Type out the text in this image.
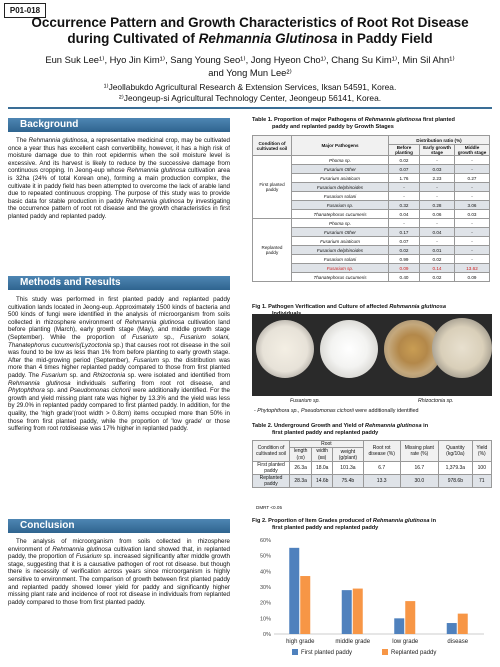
P01-018
Occurrence Pattern and Growth Characteristics of Root Rot Disease
during Cultivated of Rehmannia Glutinosa in Paddy Field
Eun Suk Lee¹⁾, Hyo Jin Kim¹⁾, Sang Young Seo¹⁾, Jong Hyeon Cho¹⁾, Chang Su Kim¹⁾, Min Sil Ahn¹⁾
and Yong Mun Lee²⁾
¹⁾Jeollabukdo Agricultural Research & Extension Services, Iksan 54591, Korea.
²⁾Jeongeup-si Agricultural Technology Center, Jeongeup 56141, Korea.
Background

The Rehmannia glutinosa, a representative medicinal crop, may be cultivated once a year thus has excellent cash convertibility, however, it has a high risk of moisture damage due to thin root epidermis when the soil moisture level is excessive. And its harvest is likely to reduce by the successive damage from continuous cropping. In Jeong-eup whose Rehmannia glutinosa cultivation area is 32ha (24% of total Korean one), forming a main production complex, the cultivate it in paddy field has been attempted to overcome the lack of arable land due to repeated continuous cropping. The purpose of this study was to provide basic data for stable production in paddy Rehmannia glutinosa by investigating the occurrence pattern of root rot disease and the growth characteristics in first planted paddy and replanted paddy.

Methods and Results

This study was performed in first planted paddy and replanted paddy cultivation lands located in Jeong-eup. Approximately 1500 kinds of bacteria and 500 kinds of fungi were identified in the analysis of microorganism from soils collected in rhizosphere environment of Rehmannia glutinosa cultivation land before planting (March), early growth stage (May), and middle growth stage (September). While the proportion of Fusarium sp., Fusarium solani, Thanatephorus cucumeris(Lyzoctonia sp.) that causes root rot disease in the soil was found to be low as less than 1% from before planting to early growth stage. After the mid-growing period (September), Fusarium sp. the distribution was more than 4 times higher replanted paddy compared to those from first planted paddy. The Fusarium sp. and Rhizoctonia sp. were isolated and identified from Rehmannia glutinosa individuals suffering from root rot disease, and Phytophthora sp. and Pseudomonas cichorii were additionally identified. For the growth and yield missing plant rate was higher by 13.3% and the yield was less by 29.0% in replanted paddy compared to first planted paddy. In addition, for the quality, the 'high grade'(root width > 0.8cm) items occupied more than 50% in those from first planted paddy, while the proportion of 'low grade' or those suffering from root rotdisease was 17% higher in replanted paddy.

Conclusion

The analysis of microorganism from soils collected in rhizosphere environment of Rehmannia glutinosa cultivation land showed that, in replanted paddy, the proportion of Fusarium sp. increased significantly after middle growth stage, suggesting that it is a causative pathogen of root rot disease. but though there is necessity of verification across years since microorganism is highly sensitive to environment. The comparison of growth between first planted paddy and replanted paddy showed lower yield for paddy and significantly higher missing plant rate and incidence of root rot disease in individuals from replanted paddy compared to those from first planted paddy.

Table 1. Proportion of major Pathogens of Rehmannia glutinosa first planted
paddy and replanted paddy by Growth Stages
Condition of cultivated soil	Major Pathogens	Distribution ratio (%)		
		Before planting	Early growth stage	Middle growth stage
First planted paddy	Phoma sp.	0.02	-	-
	Fusarium Other	0.07	0.03	-
	Fusarium asiaticum	1.76	2.23	0.27
	Fusarium delphinoides	-	-	-
	Fusarium solani	-	-	-
	Fusarium sp.	0.32	0.28	3.06
	Thanatephorus cucumeris	0.04	0.06	0.03
Replanted paddy	Phoma sp.	-	-	-
	Fusarium Other	0.17	0.04	-
	Fusarium asiaticum	0.07	-	-
	Fusarium delphinoides	0.02	0.01	-
	Fusarium solani	0.99	0.02	-
	Fusarium sp.	0.09	0.14	13.62
	Thanatephorus cucumeris	0.40	0.02	0.09
Fig 1. Pathogen Verification and Culture of affected Rehmannia glutinosa
Fusarium sp.	Rhizoctonia sp.
- Phytophthora sp., Pseudomonas cichorii were additionally identified
Table 2. Underground Growth and Yield of Rehmannia glutinosa in
first planted paddy and replanted paddy
Condition of cultivated soil	Root			Root rot disease (%)	Missing plant rate (%)	Quantity (kg/10a)	Yield (%)
	length (㎝)	width (㎜)	weight (g/plant)				
First planted paddy	26.3a	18.0a	101.3a	6.7	16.7	1,379.3a	100
Replanted paddy	28.3a	14.6b	75.4b	13.3	30.0	978.6b	71
DMRT <0.05
Fig 2. Proportion of Item Grades produced of Rehmannia glutinosa in
first planted paddy and replanted paddy
0%
10%
20%
30%
40%
50%
60%
high grade	middle grade	low grade	disease
First planted paddy	Replanted paddy
